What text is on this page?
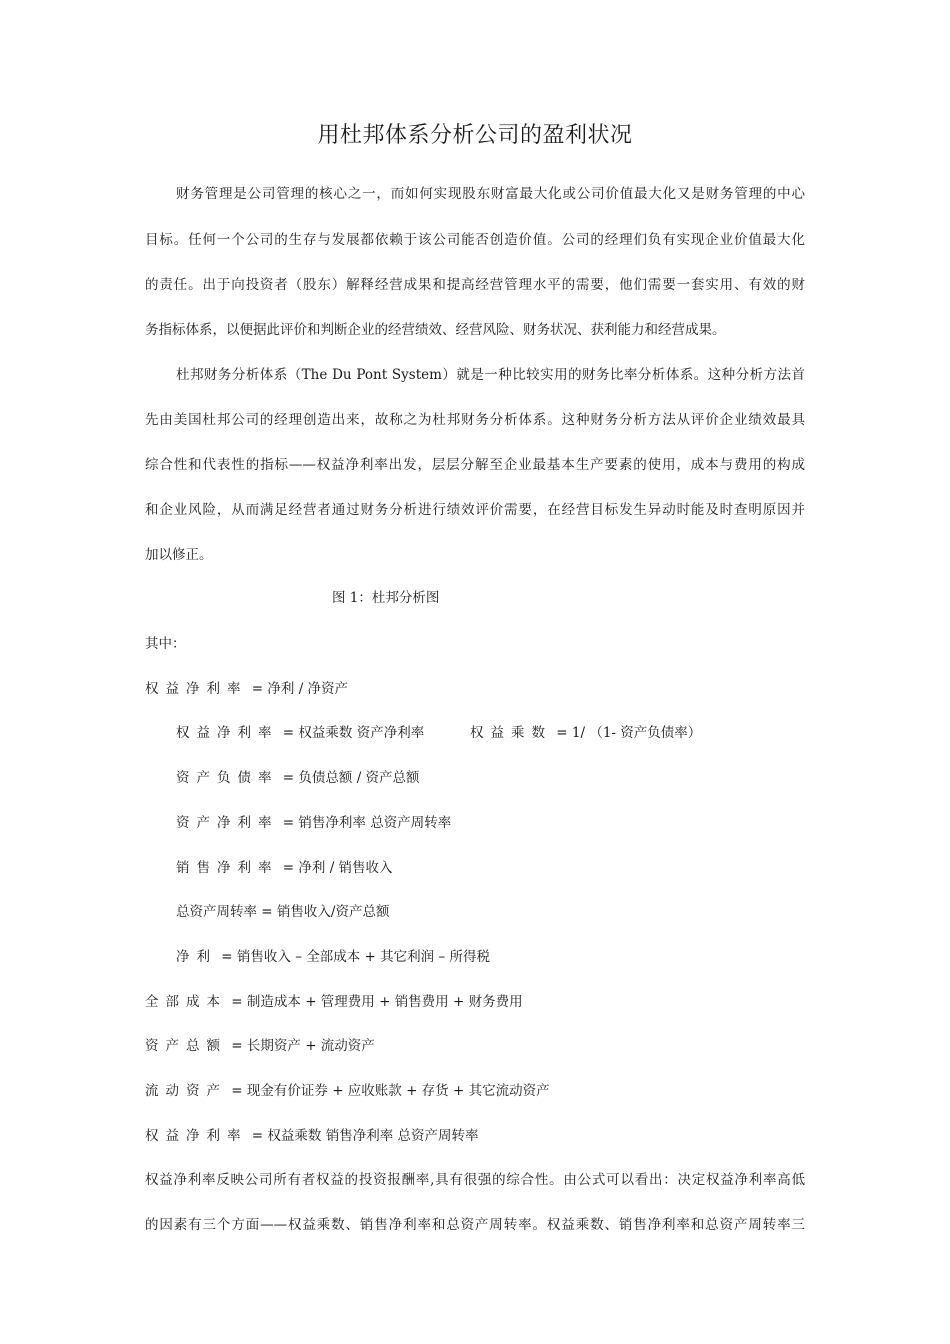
用杜邦体系分析公司的盈利状况
财务管理是公司管理的核心之一，而如何实现股东财富最大化或公司价值最大化又是财务管理的中心
目标。任何一个公司的生存与发展都依赖于该公司能否创造价值。公司的经理们负有实现企业价值最大化
的责任。出于向投资者（股东）解释经营成果和提高经营管理水平的需要，他们需要一套实用、有效的财
务指标体系，以便据此评价和判断企业的经营绩效、经营风险、财务状况、获利能力和经营成果。
杜邦财务分析体系（The Du Pont System）就是一种比较实用的财务比率分析体系。这种分析方法首
先由美国杜邦公司的经理创造出来，故称之为杜邦财务分析体系。这种财务分析方法从评价企业绩效最具
综合性和代表性的指标——权益净利率出发，层层分解至企业最基本生产要素的使用，成本与费用的构成
和企业风险，从而满足经营者通过财务分析进行绩效评价需要，在经营目标发生异动时能及时查明原因并
加以修正。
图 1：杜邦分析图
其中：
权益净利率 = 净利 / 净资产
权益净利率 = 权益乘数 资产净利率	权益乘数 = 1/ （1- 资产负债率）
资产负债率 = 负债总额 / 资产总额
资产净利率 = 销售净利率 总资产周转率
销售净利率 = 净利 / 销售收入
总资产周转率 = 销售收入/资产总额
净利 = 销售收入 – 全部成本 + 其它利润 – 所得税
全部成本 = 制造成本 + 管理费用 + 销售费用 + 财务费用
资产总额 = 长期资产 + 流动资产
流动资产 = 现金有价证券 + 应收账款 + 存货 + 其它流动资产
权益净利率 = 权益乘数 销售净利率 总资产周转率
权益净利率反映公司所有者权益的投资报酬率,具有很强的综合性。由公式可以看出：决定权益净利率高低
的因素有三个方面——权益乘数、销售净利率和总资产周转率。权益乘数、销售净利率和总资产周转率三
